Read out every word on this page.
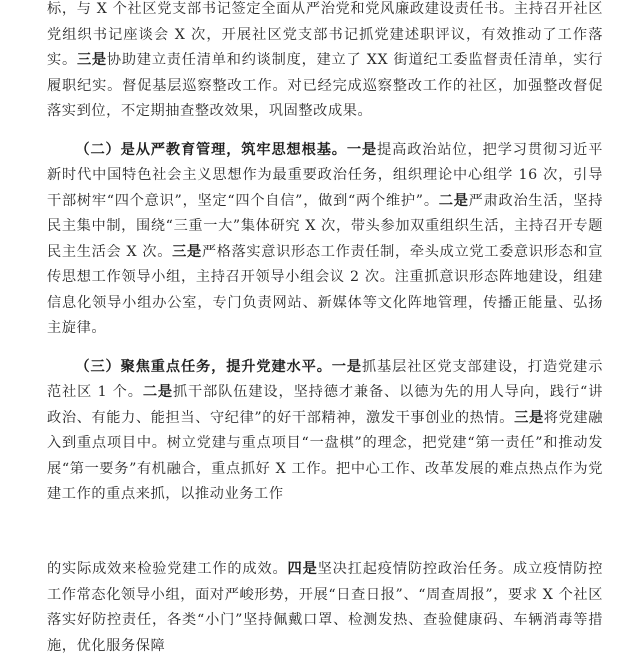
标，与 X 个社区党支部书记签定全面从严治党和党风廉政建设责任书。主持召开社区党组织书记座谈会 X 次，开展社区党支部书记抓党建述职评议，有效推动了工作落实。三是协助建立责任清单和约谈制度，建立了 XX 街道纪工委监督责任清单，实行履职纪实。督促基层巡察整改工作。对已经完成巡察整改工作的社区，加强整改督促落实到位，不定期抽查整改效果，巩固整改成果。

（二）是从严教育管理，筑牢思想根基。一是提高政治站位，把学习贯彻习近平新时代中国特色社会主义思想作为最重要政治任务，组织理论中心组学 16 次，引导干部树牢“四个意识”，坚定“四个自信”，做到“两个维护”。二是严肃政治生活，坚持民主集中制，围绕“三重一大”集体研究 X 次，带头参加双重组织生活，主持召开专题民主生活会 X 次。三是严格落实意识形态工作责任制，牵头成立党工委意识形态和宣传思想工作领导小组，主持召开领导小组会议 2 次。注重抓意识形态阵地建设，组建信息化领导小组办公室，专门负责网站、新媒体等文化阵地管理，传播正能量、弘扬主旋律。

（三）聚焦重点任务，提升党建水平。一是抓基层社区党支部建设，打造党建示范社区 1 个。二是抓干部队伍建设，坚持德才兼备、以德为先的用人导向，践行“讲政治、有能力、能担当、守纪律”的好干部精神，激发干事创业的热情。三是将党建融入到重点项目中。树立党建与重点项目“一盘棋”的理念，把党建“第一责任”和推动发展“第一要务”有机融合，重点抓好 X 工作。把中心工作、改革发展的难点热点作为党建工作的重点来抓，以推动业务工作

的实际成效来检验党建工作的成效。四是坚决扛起疫情防控政治任务。成立疫情防控工作常态化领导小组，面对严峻形势，开展“日查日报”、“周查周报”，要求 X 个社区落实好防控责任，各类“小门”坚持佩戴口罩、检测发热、查验健康码、车辆消毒等措施，优化服务保障
